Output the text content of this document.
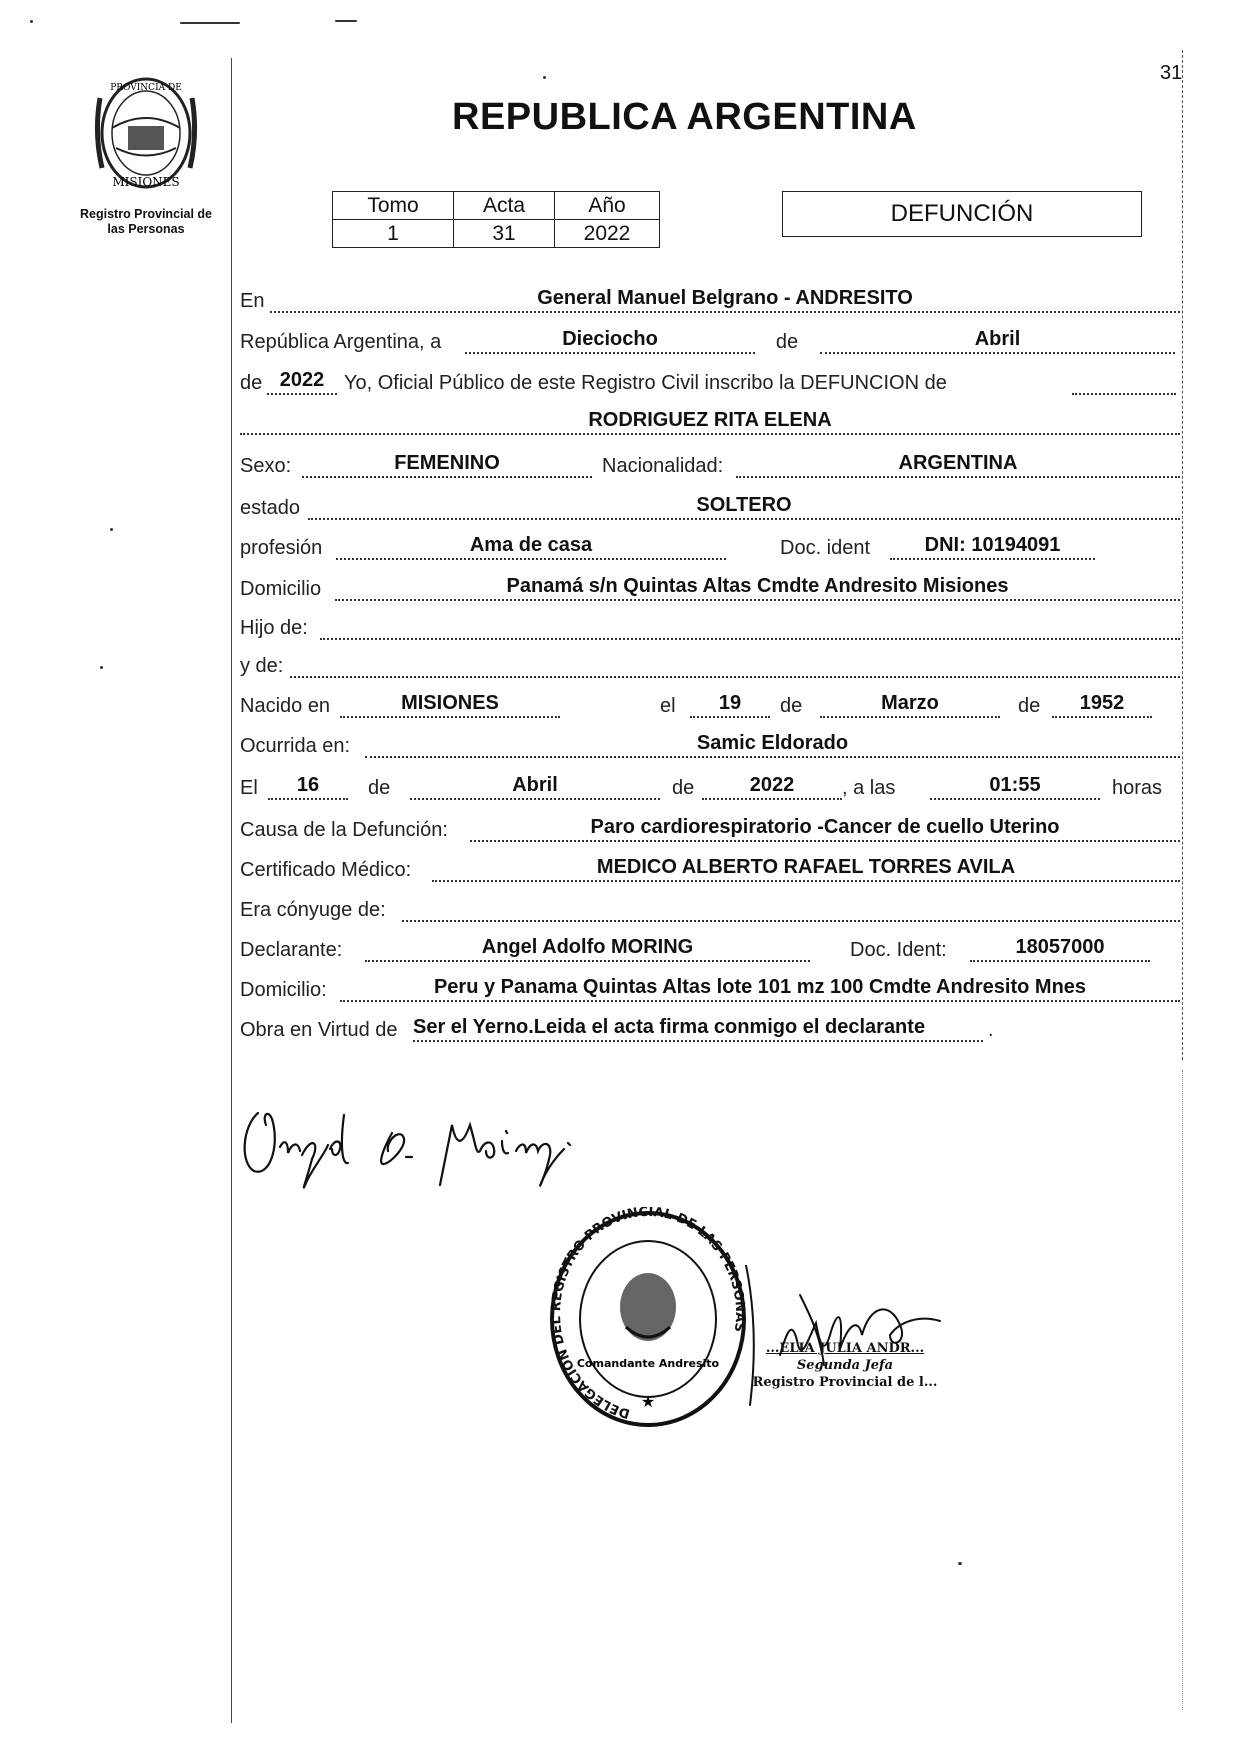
31
PROVINCIA DE
MISIONES
Registro Provincial de
las Personas
REPUBLICA ARGENTINA
Tomo	Acta	Año
1	31	2022
DEFUNCIÓN
En	General Manuel Belgrano - ANDRESITO
República Argentina, a	Dieciocho	de	Abril
de 2022 Yo, Oficial Público de este Registro Civil inscribo la DEFUNCION de
RODRIGUEZ RITA ELENA
Sexo:	FEMENINO	Nacionalidad:	ARGENTINA
estado	SOLTERO
profesión	Ama de casa	Doc. ident	DNI: 10194091
Domicilio	Panamá s/n Quintas Altas Cmdte Andresito Misiones
Hijo de:
y de:
Nacido en	MISIONES	el	19	de	Marzo	de	1952
Ocurrida en:	Samic Eldorado
El	16	de	Abril	de	2022	, a las	01:55	horas
Causa de la Defunción:	Paro cardiorespiratorio -Cancer de cuello Uterino
Certificado Médico:	MEDICO ALBERTO RAFAEL TORRES AVILA
Era cónyuge de:
Declarante:	Angel Adolfo MORING	Doc. Ident:	18057000
Domicilio:	Peru y Panama Quintas Altas lote 101 mz 100 Cmdte Andresito Mnes
Obra en Virtud de Ser el Yerno.Leida el acta firma conmigo el declarante	.
DELEGACION DEL REGISTRO PROVINCIAL DE LAS PERSONAS
Comandante Andresito
★
...ELIA JULIA ANDR...
Segunda Jefa
Registro Provincial de l...
